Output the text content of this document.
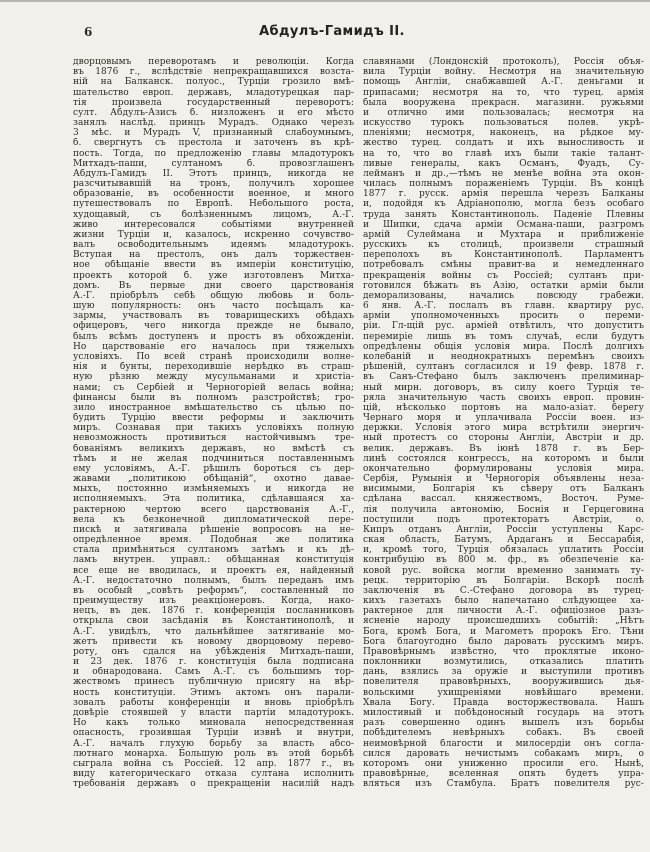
6	Абдулъ-Гамидъ II.
дворцовымъ переворотамъ и революціи. Когда
въ 1876 г., вслѣдствіе непрекращавшихся возста-
ній на Балканск. полуос., Турціи грозило вмѣ-
шательство европ. державъ, младотурецкая пар-
тія произвела государственный переворотъ:
султ. Абдулъ-Азисъ б. низложенъ и его мѣсто
занялъ наслѣд. принцъ Мурадъ. Однако черезъ
3 мѣс. и Мурадъ V, признанный слабоумнымъ,
б. свергнутъ съ престола и заточенъ въ крѣ-
пость. Тогда, по предложенію главы младотурокъ
Митхадъ-паши, султаномъ б. провозглашенъ
Абдулъ-Гамидъ II. Этотъ принцъ, никогда не
разсчитывавшій на тронъ, получилъ хорошее
образованіе, въ особенности военное, и много
путешествовалъ по Европѣ. Небольшого роста,
худощавый, съ болѣзненнымъ лицомъ, А.-Г.
живо интересовался событіями внутренней
жизни Турціи и, казалось, искренно сочувство-
валъ освободительнымъ идеямъ младотурокъ.
Вступая на престолъ, онъ далъ торжествен-
ное обѣщаніе ввести въ имперіи конституцію,
проектъ которой б. уже изготовленъ Митха-
домъ. Въ первые дни своего царствованія
А.-Г. пріобрѣлъ себѣ общую любовь и боль-
шую популярность: онъ часто посѣщалъ ка-
зармы, участвовалъ въ товарищескихъ обѣдахъ
офицеровъ, чего никогда прежде не бывало,
былъ всѣмъ доступенъ и простъ въ обхожденіи.
Но царствованіе его началось при тяжелыхъ
условіяхъ. По всей странѣ происходили волне-
нія и бунты, переходившіе нерѣдко въ страш-
ную рѣзню между мусульманами и христіа-
нами; съ Сербіей и Черногоріей велась война;
финансы были въ полномъ разстройствѣ; гро-
зило иностранное вмѣшательство съ цѣлью по-
будить Турцію ввести реформы и заключить
миръ. Сознавая при такихъ условіяхъ полную
невозможность противиться настойчивымъ тре-
бованіямъ великихъ державъ, но вмѣстѣ съ
тѣмъ и не желая подчиниться поставленнымъ
ему условіямъ, А.-Г. рѣшилъ бороться съ дер-
жавами „политикою обѣщаній“, охотно давае-
мыхъ, постоянно измѣняемыхъ и никогда не
исполняемыхъ. Эта политика, сдѣлавшаяся ха-
рактерною чертою всего царствованія А.-Г.,
вела къ безконечной дипломатической пере-
пискѣ и затягивала рѣшеніе вопросовъ на не-
опредѣленное время. Подобная же политика
стала примѣняться султаномъ затѣмъ и къ дѣ-
ламъ внутрен. управл.: обѣщанная конституція
все еще не вводилась, и проектъ ея, найденный
А.-Г. недостаточно полнымъ, былъ переданъ имъ
въ особый „совѣтъ реформъ“, составленный по
преимуществу изъ реакціонеровъ. Когда, нако-
нецъ, въ дек. 1876 г. конференція посланниковъ
открыла свои засѣданія въ Константинополѣ, и
А.-Г. увидѣлъ, что дальнѣйшее затягиваніе мо-
жетъ привести къ новому дворцовому перево-
роту, онъ сдался на убѣжденія Митхадъ-паши,
и 23 дек. 1876 г. конституція была подписана
и обнародована. Самъ А.-Г. съ большимъ тор-
жествомъ принесъ публичную присягу на вѣр-
ность конституціи. Этимъ актомъ онъ парали-
зовалъ работы конференціи и вновь пріобрѣлъ
довѣріе стоявшей у власти партіи младотурокъ.
Но какъ только миновала непосредственная
опасность, грозившая Турціи извнѣ и внутри,
А.-Г. началъ глухую борьбу за власть абсо-
лютнаго монарха. Большую роль въ этой борьбѣ
сыграла война съ Россіей. 12 апр. 1877 г., въ
виду категорическаго отказа султана исполнить
требованія державъ о прекращеніи насилій надъ
славянами (Лондонскій протоколъ), Россія объя-
вила Турціи войну. Несмотря на значительную
помощь Англіи, снабжавшей А.-Г. деньгами и
припасами; несмотря на то, что турец. армія
была вооружена прекрасн. магазинн. ружьями
и отлично ими пользовалась; несмотря на
искусство турокъ пользоваться полев. укрѣ-
пленіями; несмотря, наконецъ, на рѣдкое му-
жество турец. солдатъ и ихъ выносливость и
на то, что во главѣ ихъ были такіе талант-
ливые генералы, какъ Османъ, Фуадъ, Су-
лейманъ и др.,—тѣмъ не менѣе война эта окон-
чилась полнымъ пораженіемъ Турціи. Въ концѣ
1877 г. русск. армія перешла черезъ Балканы
и, подойдя къ Адріанополю, могла безъ особаго
труда занять Константинополь. Паденіе Плевны
и Шипки, сдача арміи Османа-паши, разгромъ
армій Сулеймана и Мухтара и приближеніе
русскихъ къ столицѣ, произвели страшный
переполохъ въ Константинополѣ. Парламентъ
потребовалъ смѣны правит-ва и немедленнаго
прекращенія войны съ Россіей; султанъ при-
готовился бѣжать въ Азію, остатки арміи были
деморализованы, начались повсюду грабежи.
6 янв. А.-Г. послалъ въ главн. квартиру рус.
арміи уполномоченныхъ просить о переми-
ріи. Гл-щій рус. арміей отвѣтилъ, что допуститъ
перемиріе лишь въ томъ случаѣ, если будутъ
опредѣлены общія условія мира. Послѣ долгихъ
колебаній и неоднократныхъ перемѣнъ своихъ
рѣшеній, султанъ согласился и 19 февр. 1878 г.
въ Санъ-Стефано былъ заключенъ прелиминар-
ный мирн. договоръ, въ силу коего Турція те-
ряла значительную часть своихъ европ. провин-
цій, нѣсколько портовъ на мало-азіат. берегу
Чернаго моря и уплачивала Россіи воен. из-
держки. Условія этого мира встрѣтили энергич-
ный протестъ со стороны Англіи, Австріи и др.
велик. державъ. Въ іюнѣ 1878 г. въ Бер-
линѣ состоялся конгрессъ, на которомъ и были
окончательно формулированы условія мира.
Сербія, Румынія и Черногорія объявлены неза-
висимыми, Болгарія къ сѣверу отъ Балканъ
сдѣлана вассал. княжествомъ, Восточ. Руме-
лія получила автономію, Боснія и Герцеговина
поступили подъ протекторатъ Австріи, о.
Кипръ отданъ Англіи, Россіи уступлены Карс-
ская область, Батумъ, Ардаганъ и Бессарабія,
и, кромѣ того, Турція обязалась уплатить Россіи
контрибуцію въ 800 м. фр., въ обезпеченіе ка-
ковой рус. войска могли временно занимать ту-
рецк. территорію въ Болгаріи. Вскорѣ послѣ
заключенія въ С.-Стефано договора въ турец-
кихъ газетахъ было напечатано слѣдующее ха-
рактерное для личности А.-Г. офиціозное разъ-
ясненіе народу происшедшихъ событій: „Нѣтъ
Бога, кромѣ Бога, и Магометъ пророкъ Его. Тѣни
Бога благоугодно было даровать русскимъ миръ.
Правовѣрнымъ извѣстно, что проклятые иконо-
поклонники возмутились, отказались платить
дань, взялись за оружіе и выступили противъ
повелителя правовѣрныхъ, вооружившись дья-
вольскими ухищреніями новѣйшаго времени.
Хвала Богу. Правда восторжествовала. Нашъ
милостивый и побѣдоносный государь на этотъ
разъ совершенно одинъ вышелъ изъ борьбы
побѣдителемъ невѣрныхъ собакъ. Въ своей
неимовѣрной благости и милосердіи онъ согла-
сился даровать нечистымъ собакамъ миръ, о
которомъ они униженно просили его. Нынѣ,
правовѣрные, вселенная опять будетъ упра-
вляться изъ Стамбула. Братъ повелителя рус-
